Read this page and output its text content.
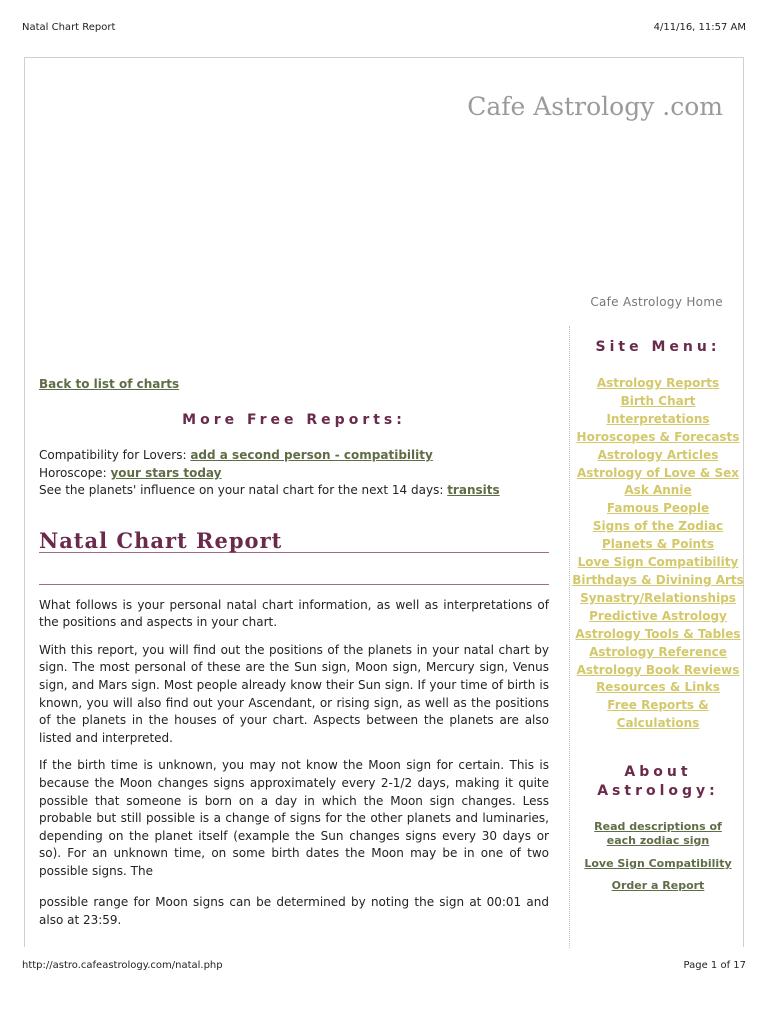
Natal Chart Report	4/11/16, 11:57 AM
Cafe Astrology .com
Cafe Astrology Home
Back to list of charts
More Free Reports:
Compatibility for Lovers: add a second person - compatibility
Horoscope: your stars today
See the planets' influence on your natal chart for the next 14 days: transits
Natal Chart Report

What follows is your personal natal chart information, as well as interpretations of the positions and aspects in your chart.

With this report, you will find out the positions of the planets in your natal chart by sign. The most personal of these are the Sun sign, Moon sign, Mercury sign, Venus sign, and Mars sign. Most people already know their Sun sign. If your time of birth is known, you will also find out your Ascendant, or rising sign, as well as the positions of the planets in the houses of your chart. Aspects between the planets are also listed and interpreted.

If the birth time is unknown, you may not know the Moon sign for certain. This is because the Moon changes signs approximately every 2-1/2 days, making it quite possible that someone is born on a day in which the Moon sign changes. Less probable but still possible is a change of signs for the other planets and luminaries, depending on the planet itself (example the Sun changes signs every 30 days or so). For an unknown time, on some birth dates the Moon may be in one of two possible signs. The

possible range for Moon signs can be determined by noting the sign at 00:01 and also at 23:59.

Site Menu:
Astrology Reports
Birth Chart Interpretations
Horoscopes & Forecasts
Astrology Articles
Astrology of Love & Sex
Ask Annie
Famous People
Signs of the Zodiac
Planets & Points
Love Sign Compatibility
Birthdays & Divining Arts
Synastry/Relationships
Predictive Astrology
Astrology Tools & Tables
Astrology Reference
Astrology Book Reviews
Resources & Links
Free Reports & Calculations
About Astrology:
Read descriptions of each zodiac sign
Love Sign Compatibility
Order a Report
http://astro.cafeastrology.com/natal.php	Page 1 of 17
